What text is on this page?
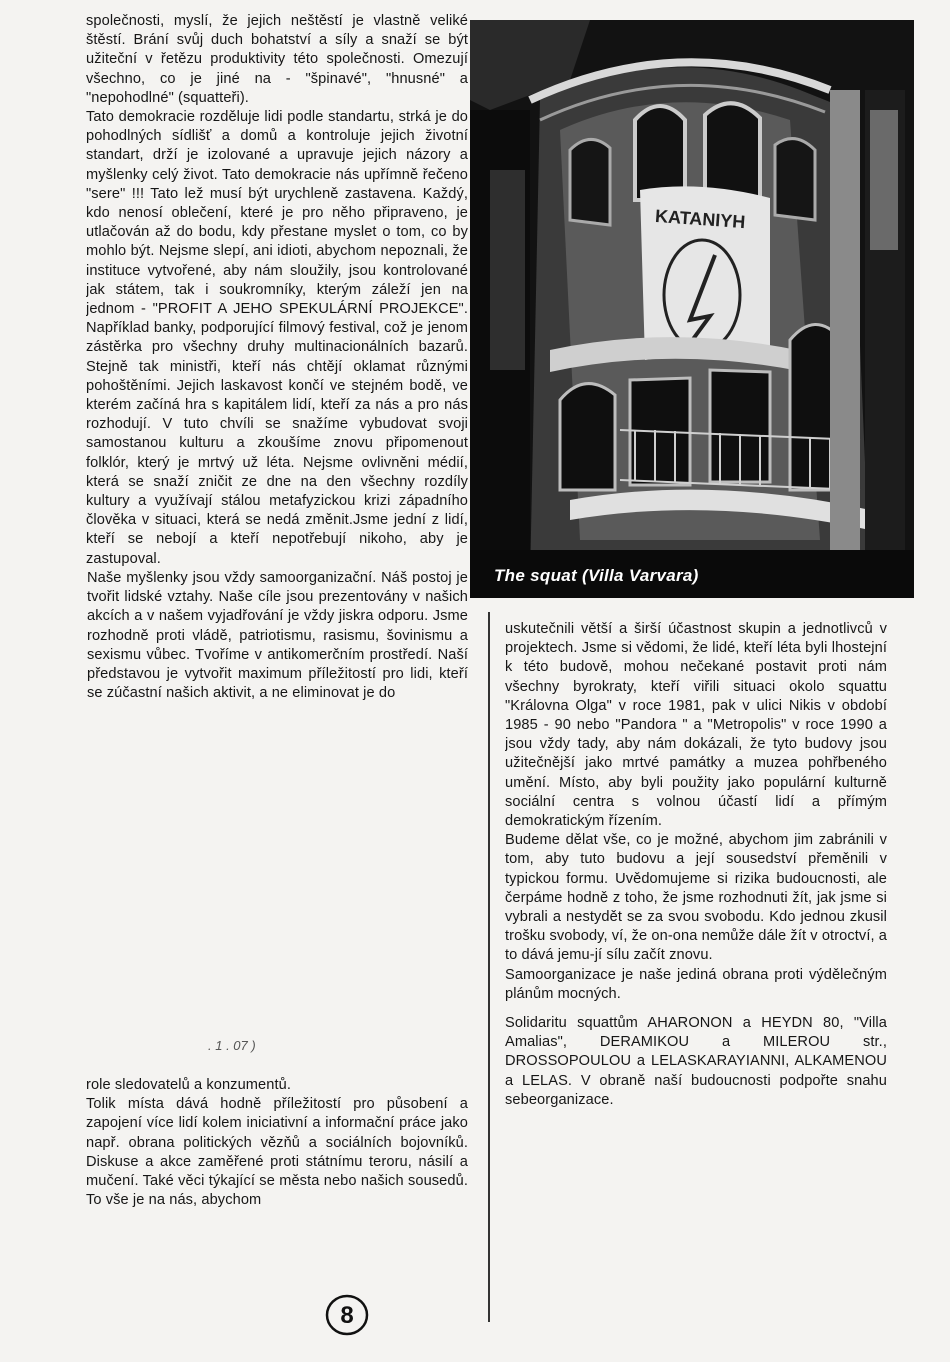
společnosti, myslí, že jejich neštěstí je vlastně veliké štěstí. Brání svůj duch bohatství a síly a snaží se být užiteční v řetězu produktivity této společnosti. Omezují všechno, co je jiné na - "špinavé", "hnusné" a "nepohodlné" (squatteři).

Tato demokracie rozděluje lidi podle standartu, strká je do pohodlných sídlišť a domů a kontroluje jejich životní standart, drží je izolované a upravuje jejich názory a myšlenky celý život. Tato demokracie nás upřímně řečeno "sere" !!! Tato lež musí být urychleně zastavena. Každý, kdo nenosí oblečení, které je pro něho připraveno, je utlačován až do bodu, kdy přestane myslet o tom, co by mohlo být. Nejsme slepí, ani idioti, abychom nepoznali, že instituce vytvořené, aby nám sloužily, jsou kontrolované jak státem, tak i soukromníky, kterým záleží jen na jednom - "PROFIT A JEHO SPEKULÁRNÍ PROJEKCE". Například banky, podporující filmový festival, což je jenom zástěrka pro všechny druhy multinacionálních bazarů. Stejně tak ministři, kteří nás chtějí oklamat různými pohoštěními. Jejich laskavost končí ve stejném bodě, ve kterém začíná hra s kapitálem lidí, kteří za nás a pro nás rozhodují. V tuto chvíli se snažíme vybudovat svoji samostanou kulturu a zkoušíme znovu připomenout folklór, který je mrtvý už léta. Nejsme ovlivněni médií, která se snaží zničit ze dne na den všechny rozdíly kultury a využívají stálou metafyzickou krizi západního člověka v situaci, která se nedá změnit.Jsme jední z lidí, kteří se nebojí a kteří nepotřebují nikoho, aby je zastupoval.

Naše myšlenky jsou vždy samoorganizační. Náš postoj je tvořit lidské vztahy. Naše cíle jsou prezentovány v našich akcích a v našem vyjadřování je vždy jiskra odporu. Jsme rozhodně proti vládě, patriotismu, rasismu, šovinismu a sexismu vůbec. Tvoříme v antikomerčním prostředí. Naší představou je vytvořit maximum příležitostí pro lidi, kteří se zúčastní našich aktivit, a ne eliminovat je do

. 1 . 07 )

role sledovatelů a konzumentů.

Tolik místa dává hodně příležitostí pro působení a zapojení více lidí kolem iniciativní a informační práce jako např. obrana politických vězňů a sociálních bojovníků. Diskuse a akce zaměřené proti státnímu teroru, násilí a mučení. Také věci týkající se města nebo našich sousedů. To vše je na nás, abychom

KATANIYH
The squat (Villa Varvara)

uskutečnili větší a širší účastnost skupin a jednotlivců v projektech. Jsme si vědomi, že lidé, kteří léta byli lhostejní k této budově, mohou nečekané postavit proti nám všechny byrokraty, kteří viřili situaci okolo squattu "Královna Olga" v roce 1981, pak v ulici Nikis v období 1985 - 90 nebo "Pandora " a "Metropolis" v roce 1990 a jsou vždy tady, aby nám dokázali, že tyto budovy jsou užitečnější jako mrtvé památky a muzea pohřbeného umění. Místo, aby byli použity jako populární kulturně sociální centra s volnou účastí lidí a přímým demokratickým řízením.

Budeme dělat vše, co je možné, abychom jim zabránili v tom, aby tuto budovu a její sousedství přeměnili v typickou formu. Uvědomujeme si rizika budoucnosti, ale čerpáme hodně z toho, že jsme rozhodnuti žít, jak jsme si vybrali a nestydět se za svou svobodu. Kdo jednou zkusil trošku svobody, ví, že on-ona nemůže dále žít v otroctví, a to dává jemu-jí sílu začít znovu.

Samoorganizace je naše jediná obrana proti výdělečným plánům mocných.

Solidaritu squattům AHARONON a HEYDN 80, "Villa Amalias", DERAMIKOU a MILEROU str., DROSSOPOULOU a LELASKARAYIANNI, ALKAMENOU a LELAS. V obraně naší budoucnosti podpořte snahu sebeorganizace.

8
